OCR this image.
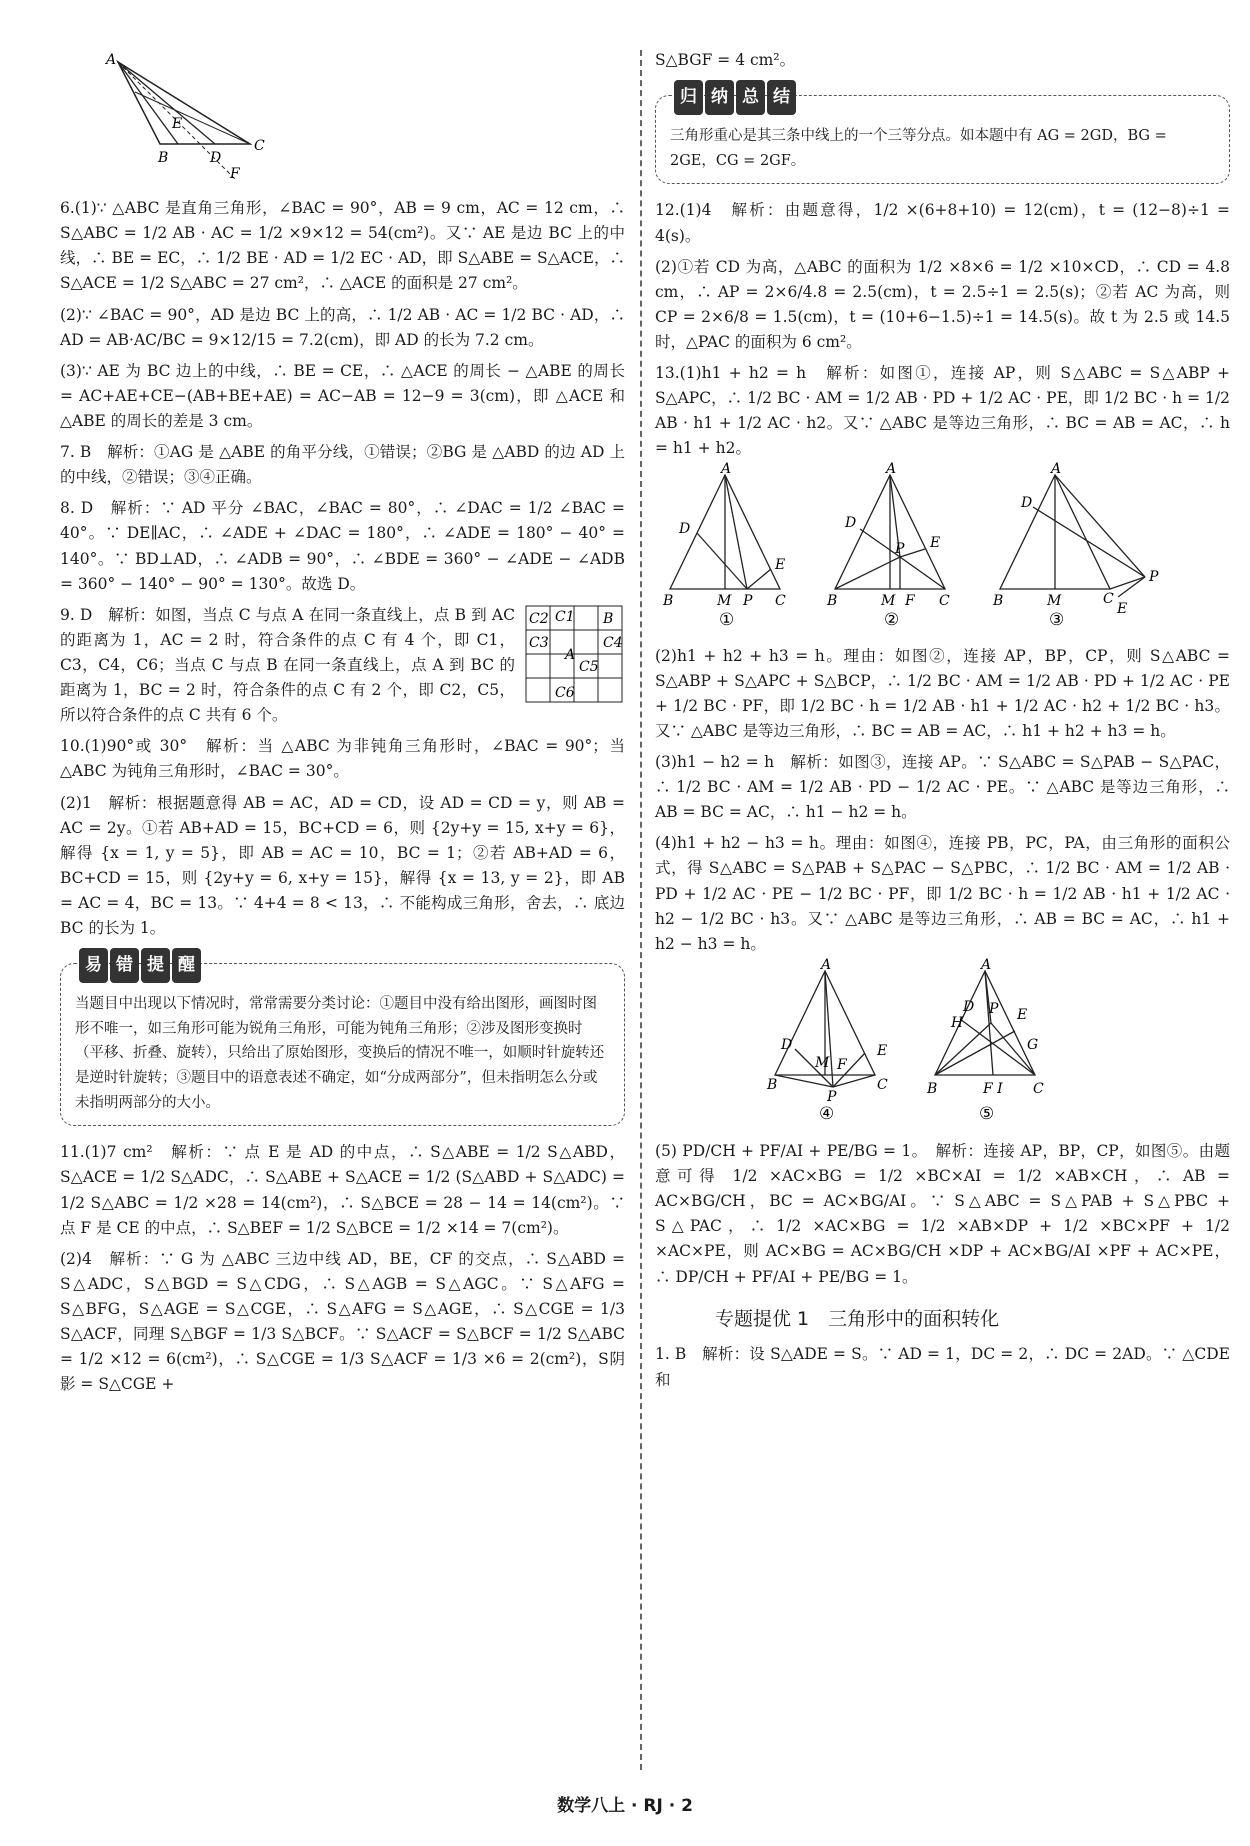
A
E
B	D
C
F

6.(1)∵ △ABC 是直角三角形，∠BAC = 90°，AB = 9 cm，AC = 12 cm，∴ S△ABC = 1/2 AB · AC = 1/2 ×9×12 = 54(cm²)。又∵ AE 是边 BC 上的中线，∴ BE = EC，∴ 1/2 BE · AD = 1/2 EC · AD，即 S△ABE = S△ACE，∴ S△ACE = 1/2 S△ABC = 27 cm²，∴ △ACE 的面积是 27 cm²。

(2)∵ ∠BAC = 90°，AD 是边 BC 上的高，∴ 1/2 AB · AC = 1/2 BC · AD，∴ AD = AB·AC/BC = 9×12/15 = 7.2(cm)，即 AD 的长为 7.2 cm。

(3)∵ AE 为 BC 边上的中线，∴ BE = CE，∴ △ACE 的周长 − △ABE 的周长 = AC+AE+CE−(AB+BE+AE) = AC−AB = 12−9 = 3(cm)，即 △ACE 和 △ABE 的周长的差是 3 cm。

7. B　解析：①AG 是 △ABE 的角平分线，①错误；②BG 是 △ABD 的边 AD 上的中线，②错误；③④正确。

8. D　解析：∵ AD 平分 ∠BAC，∠BAC = 80°，∴ ∠DAC = 1/2 ∠BAC = 40°。∵ DE∥AC，∴ ∠ADE + ∠DAC = 180°，∴ ∠ADE = 180° − 40° = 140°。∵ BD⊥AD，∴ ∠ADB = 90°，∴ ∠BDE = 360° − ∠ADE − ∠ADB = 360° − 140° − 90° = 130°。故选 D。

C2 C1 B
C3	C4
A
C5
C6

9. D　解析：如图，当点 C 与点 A 在同一条直线上，点 B 到 AC 的距离为 1，AC = 2 时，符合条件的点 C 有 4 个，即 C1，C3，C4，C6；当点 C 与点 B 在同一条直线上，点 A 到 BC 的距离为 1，BC = 2 时，符合条件的点 C 有 2 个，即 C2，C5，所以符合条件的点 C 共有 6 个。

10.(1)90°或 30°　解析：当 △ABC 为非钝角三角形时，∠BAC = 90°；当 △ABC 为钝角三角形时，∠BAC = 30°。

(2)1　解析：根据题意得 AB = AC，AD = CD，设 AD = CD = y，则 AB = AC = 2y。①若 AB+AD = 15，BC+CD = 6，则 {2y+y = 15, x+y = 6}，解得 {x = 1, y = 5}，即 AB = AC = 10，BC = 1；②若 AB+AD = 6，BC+CD = 15，则 {2y+y = 6, x+y = 15}，解得 {x = 13, y = 2}，即 AB = AC = 4，BC = 13。∵ 4+4 = 8 < 13，∴ 不能构成三角形，舍去，∴ 底边 BC 的长为 1。

易 错 提 醒
当题目中出现以下情况时，常常需要分类讨论：①题目中没有给出图形，画图时图形不唯一，如三角形可能为锐角三角形，可能为钝角三角形；②涉及图形变换时（平移、折叠、旋转），只给出了原始图形，变换后的情况不唯一，如顺时针旋转还是逆时针旋转；③题目中的语意表述不确定，如“分成两部分”，但未指明怎么分或未指明两部分的大小。

11.(1)7 cm²　解析：∵ 点 E 是 AD 的中点，∴ S△ABE = 1/2 S△ABD，S△ACE = 1/2 S△ADC，∴ S△ABE + S△ACE = 1/2 (S△ABD + S△ADC) = 1/2 S△ABC = 1/2 ×28 = 14(cm²)，∴ S△BCE = 28 − 14 = 14(cm²)。∵ 点 F 是 CE 的中点，∴ S△BEF = 1/2 S△BCE = 1/2 ×14 = 7(cm²)。

(2)4　解析：∵ G 为 △ABC 三边中线 AD，BE，CF 的交点，∴ S△ABD = S△ADC，S△BGD = S△CDG，∴ S△AGB = S△AGC。∵ S△AFG = S△BFG，S△AGE = S△CGE，∴ S△AFG = S△AGE，∴ S△CGE = 1/3 S△ACF，同理 S△BGF = 1/3 S△BCF。∵ S△ACF = S△BCF = 1/2 S△ABC = 1/2 ×12 = 6(cm²)，∴ S△CGE = 1/3 S△ACF = 1/3 ×6 = 2(cm²)，S阴影 = S△CGE +

S△BGF = 4 cm²。

归 纳 总 结
三角形重心是其三条中线上的一个三等分点。如本题中有 AG = 2GD，BG = 2GE，CG = 2GF。

12.(1)4　解析：由题意得，1/2 ×(6+8+10) = 12(cm)，t = (12−8)÷1 = 4(s)。

(2)①若 CD 为高，△ABC 的面积为 1/2 ×8×6 = 1/2 ×10×CD，∴ CD = 4.8 cm，∴ AP = 2×6/4.8 = 2.5(cm)，t = 2.5÷1 = 2.5(s)；②若 AC 为高，则 CP = 2×6/8 = 1.5(cm)，t = (10+6−1.5)÷1 = 14.5(s)。故 t 为 2.5 或 14.5 时，△PAC 的面积为 6 cm²。

13.(1)h1 + h2 = h　解析：如图①，连接 AP，则 S△ABC = S△ABP + S△APC，∴ 1/2 BC · AM = 1/2 AB · PD + 1/2 AC · PE，即 1/2 BC · h = 1/2 AB · h1 + 1/2 AC · h2。又∵ △ABC 是等边三角形，∴ BC = AB = AC，∴ h = h1 + h2。

A
D
B	M P C
E
A
D
E
P
B	M F C
A
D
B	M	C
P
E
①	②	③

(2)h1 + h2 + h3 = h。理由：如图②，连接 AP，BP，CP，则 S△ABC = S△ABP + S△APC + S△BCP，∴ 1/2 BC · AM = 1/2 AB · PD + 1/2 AC · PE + 1/2 BC · PF，即 1/2 BC · h = 1/2 AB · h1 + 1/2 AC · h2 + 1/2 BC · h3。又∵ △ABC 是等边三角形，∴ BC = AB = AC，∴ h1 + h2 + h3 = h。

(3)h1 − h2 = h　解析：如图③，连接 AP。∵ S△ABC = S△PAB − S△PAC，∴ 1/2 BC · AM = 1/2 AB · PD − 1/2 AC · PE。∵ △ABC 是等边三角形，∴ AB = BC = AC，∴ h1 − h2 = h。

(4)h1 + h2 − h3 = h。理由：如图④，连接 PB，PC，PA，由三角形的面积公式，得 S△ABC = S△PAB + S△PAC − S△PBC，∴ 1/2 BC · AM = 1/2 AB · PD + 1/2 AC · PE − 1/2 BC · PF，即 1/2 BC · h = 1/2 AB · h1 + 1/2 AC · h2 − 1/2 BC · h3。又∵ △ABC 是等边三角形，∴ AB = BC = AC，∴ h1 + h2 − h3 = h。

A
D	E
B
M F
C
P
A
D
H
P E
G
B	F I C
④	⑤

(5) PD/CH + PF/AI + PE/BG = 1。　解析：连接 AP，BP，CP，如图⑤。由题意可得 1/2 ×AC×BG = 1/2 ×BC×AI = 1/2 ×AB×CH，∴ AB = AC×BG/CH，BC = AC×BG/AI。∵ S△ABC = S△PAB + S△PBC + S△PAC，∴ 1/2 ×AC×BG = 1/2 ×AB×DP + 1/2 ×BC×PF + 1/2 ×AC×PE，则 AC×BG = AC×BG/CH ×DP + AC×BG/AI ×PF + AC×PE，∴ DP/CH + PF/AI + PE/BG = 1。

专题提优 1　三角形中的面积转化

1. B　解析：设 S△ADE = S。∵ AD = 1，DC = 2，∴ DC = 2AD。∵ △CDE 和

数学八上 · RJ · 2
